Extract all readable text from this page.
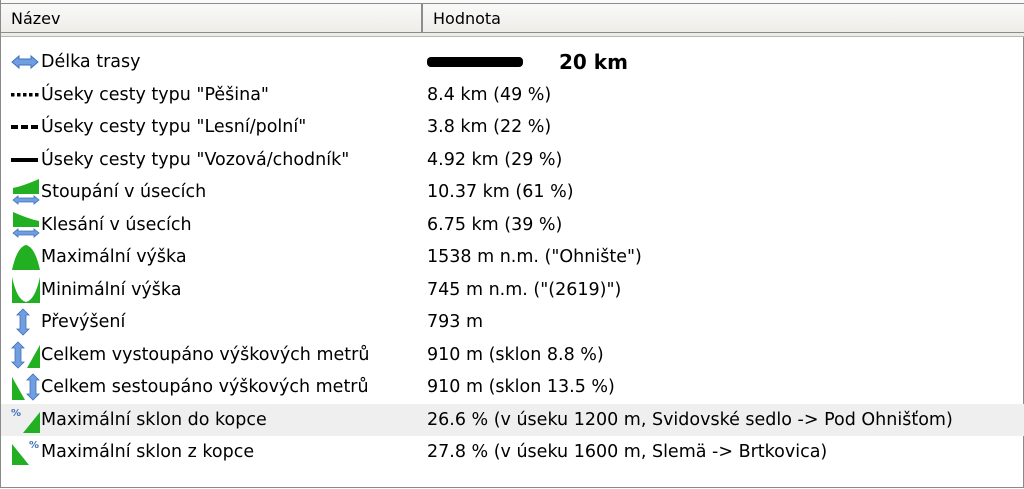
Název	Hodnota
Délka trasy	20 km
Úseky cesty typu "Pěšina"	8.4 km (49 %)
Úseky cesty typu "Lesní/polní"	3.8 km (22 %)
Úseky cesty typu "Vozová/chodník"	4.92 km (29 %)
Stoupání v úsecích	10.37 km (61 %)
Klesání v úsecích	6.75 km (39 %)
Maximální výška	1538 m n.m. ("Ohnište")
Minimální výška	745 m n.m. ("(2619)")
Převýšení	793 m
Celkem vystoupáno výškových metrů	910 m (sklon 8.8 %)
Celkem sestoupáno výškových metrů	910 m (sklon 13.5 %)
% Maximální sklon do kopce	26.6 % (v úseku 1200 m, Svidovské sedlo -> Pod Ohnišťom)
% Maximální sklon z kopce	27.8 % (v úseku 1600 m, Slemä -> Brtkovica)
